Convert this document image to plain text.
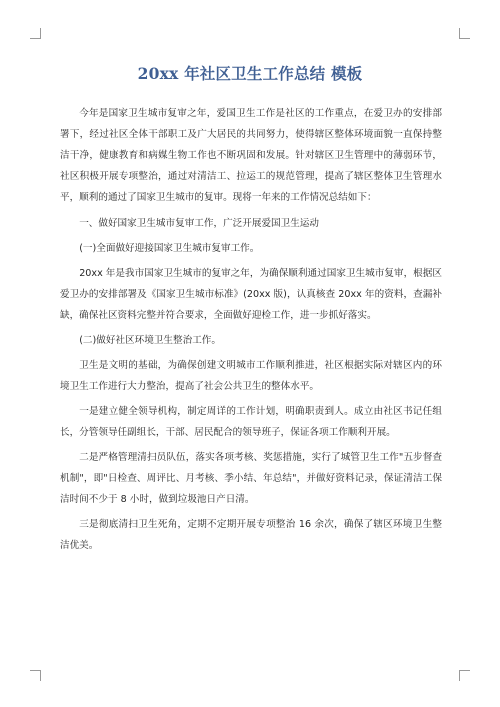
20xx 年社区卫生工作总结 模板

今年是国家卫生城市复审之年，爱国卫生工作是社区的工作重点，在爱卫办的安排部署下，经过社区全体干部职工及广大居民的共同努力，使得辖区整体环境面貌一直保持整洁干净，健康教育和病媒生物工作也不断巩固和发展。针对辖区卫生管理中的薄弱环节，社区积极开展专项整治，通过对清洁工、拉运工的规范管理，提高了辖区整体卫生管理水平，顺利的通过了国家卫生城市的复审。现将一年来的工作情况总结如下：

一、做好国家卫生城市复审工作，广泛开展爱国卫生运动

(一)全面做好迎接国家卫生城市复审工作。

20xx 年是我市国家卫生城市的复审之年，为确保顺利通过国家卫生城市复审，根据区爱卫办的安排部署及《国家卫生城市标准》(20xx 版)，认真核查 20xx 年的资料，查漏补缺，确保社区资料完整并符合要求，全面做好迎检工作，进一步抓好落实。

(二)做好社区环境卫生整治工作。

卫生是文明的基础，为确保创建文明城市工作顺利推进，社区根据实际对辖区内的环境卫生工作进行大力整治，提高了社会公共卫生的整体水平。

一是建立健全领导机构，制定周详的工作计划，明确职责到人。成立由社区书记任组长，分管领导任副组长，干部、居民配合的领导班子，保证各项工作顺利开展。

二是严格管理清扫员队伍，落实各项考核、奖惩措施，实行了城管卫生工作"五步督查机制"，即"日检查、周评比、月考核、季小结、年总结"，并做好资料记录，保证清洁工保洁时间不少于 8 小时，做到垃圾池日产日清。

三是彻底清扫卫生死角，定期不定期开展专项整治 16 余次，确保了辖区环境卫生整洁优美。
